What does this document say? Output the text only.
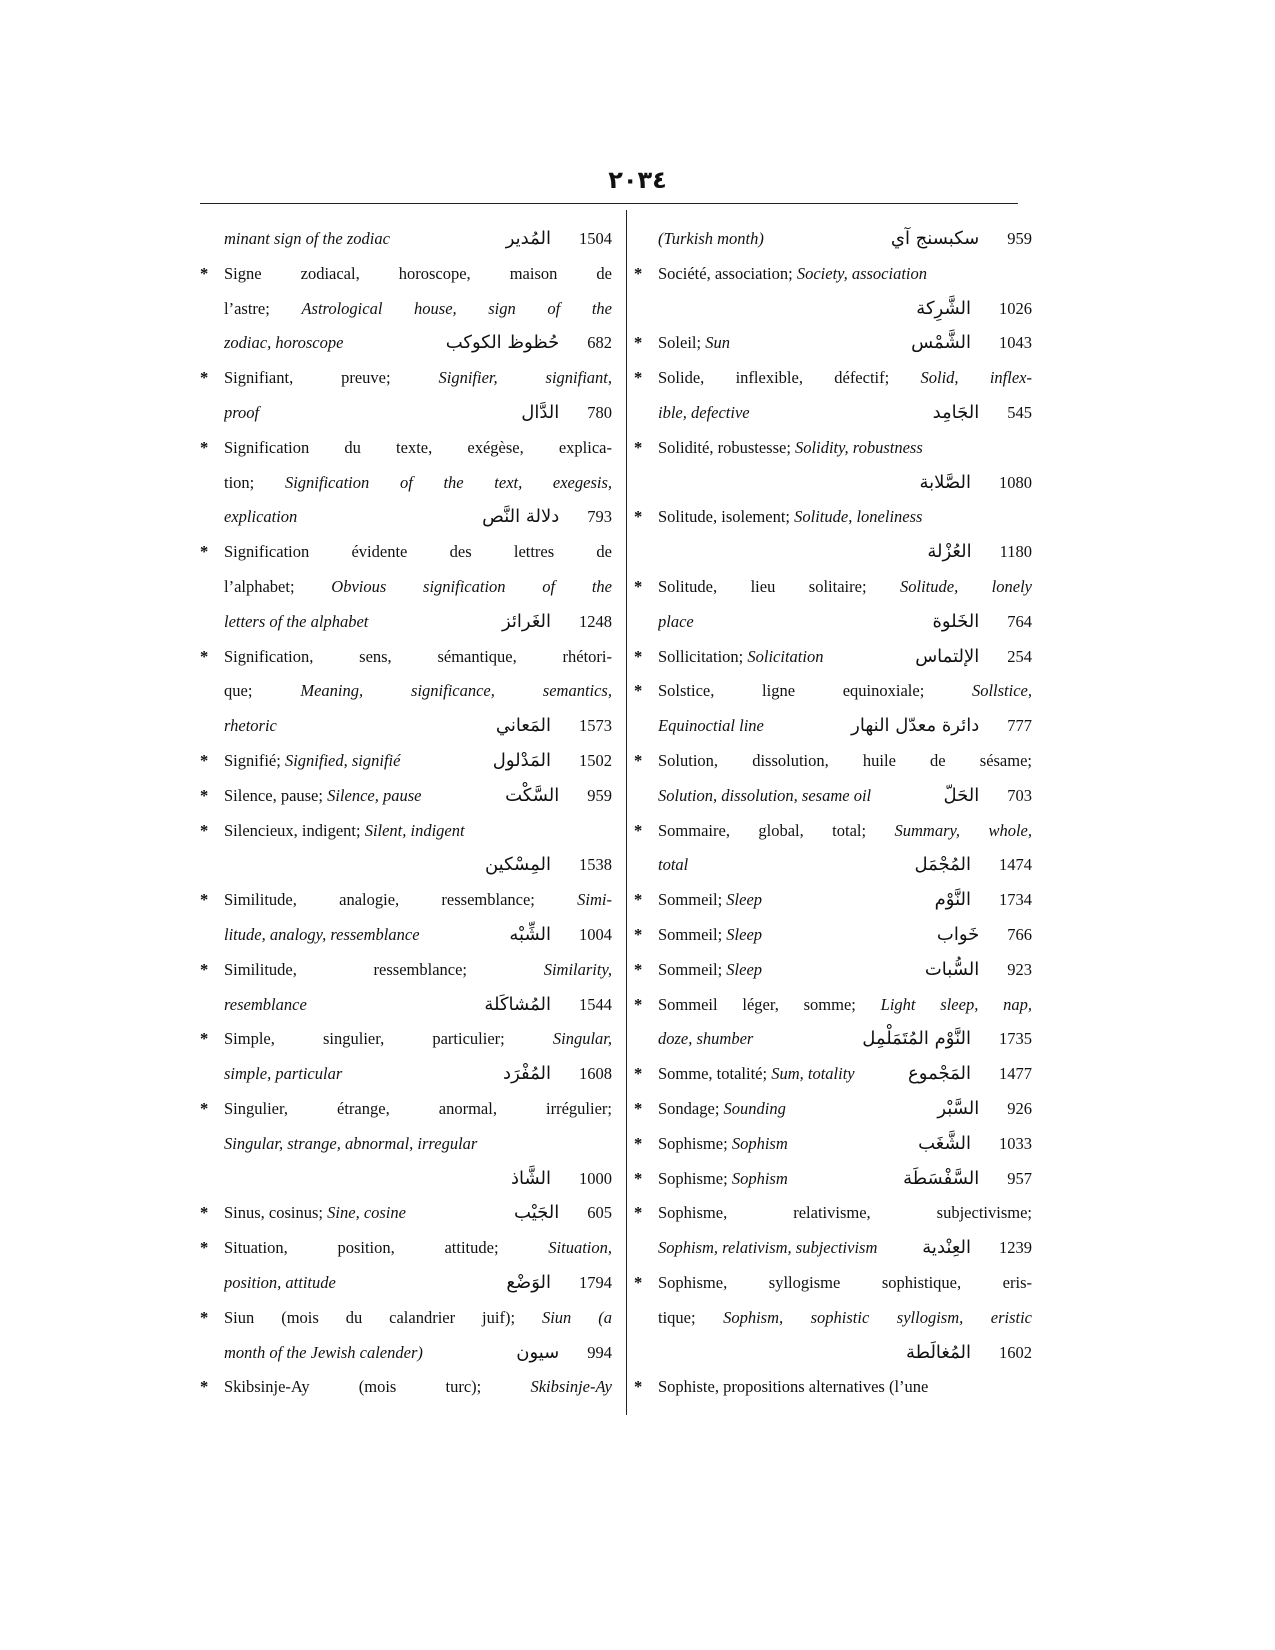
٢٠٣٤
minant sign of the zodiac	المُدير 1504
* Signe zodiacal, horoscope, maison de
l’astre; Astrological house, sign of the
zodiac, horoscope	حُظوظ الكوكب 682
* Signifiant, preuve; Signifier, signifiant,
proof	الدَّال 780
* Signification du texte, exégèse, explica-
tion; Signification of the text, exegesis,
explication	دلالة النَّص 793
* Signification évidente des lettres de
l’alphabet; Obvious signification of the
letters of the alphabet	الغَرائز 1248
* Signification, sens, sémantique, rhétori-
que; Meaning, significance, semantics,
rhetoric	المَعاني 1573
* Signifié; Signified, signifié	المَدْلول 1502
* Silence, pause; Silence, pause	السَّكْت 959
* Silencieux, indigent; Silent, indigent
المِسْكين 1538
* Similitude, analogie, ressemblance; Simi-
litude, analogy, ressemblance	الشِّبْه 1004
* Similitude, ressemblance; Similarity,
resemblance	المُشاكَلة 1544
* Simple, singulier, particulier; Singular,
simple, particular	المُفْرَد 1608
* Singulier, étrange, anormal, irrégulier;
Singular, strange, abnormal, irregular
الشَّاذ 1000
* Sinus, cosinus; Sine, cosine	الجَيْب 605
* Situation, position, attitude; Situation,
position, attitude	الوَضْع 1794
* Siun (mois du calandrier juif); Siun (a
month of the Jewish calender)	سيون 994
* Skibsinje-Ay (mois turc); Skibsinje-Ay
(Turkish month)	سكبسنج آي 959
* Société, association; Society, association
الشَّرِكة 1026
* Soleil; Sun	الشَّمْس 1043
* Solide, inflexible, défectif; Solid, inflex-
ible, defective	الجَامِد 545
* Solidité, robustesse; Solidity, robustness
الصَّلابة 1080
* Solitude, isolement; Solitude, loneliness
العُزْلة 1180
* Solitude, lieu solitaire; Solitude, lonely
place	الخَلوة 764
* Sollicitation; Solicitation	الإلتماس 254
* Solstice, ligne equinoxiale; Sollstice,
Equinoctial line	دائرة معدّل النهار 777
* Solution, dissolution, huile de sésame;
Solution, dissolution, sesame oil	الحَلّ 703
* Sommaire, global, total; Summary, whole,
total	المُجْمَل 1474
* Sommeil; Sleep	النَّوْم 1734
* Sommeil; Sleep	خَواب 766
* Sommeil; Sleep	السُّبات 923
* Sommeil léger, somme; Light sleep, nap,
doze, shumber	النَّوْم المُتَمَلْمِل 1735
* Somme, totalité; Sum, totality	المَجْموع 1477
* Sondage; Sounding	السَّبْر 926
* Sophisme; Sophism	الشَّغَب 1033
* Sophisme; Sophism	السَّفْسَطَة 957
* Sophisme, relativisme, subjectivisme;
Sophism, relativism, subjectivism	العِنْدية 1239
* Sophisme, syllogisme sophistique, eris-
tique; Sophism, sophistic syllogism, eristic
المُغالَطة 1602
* Sophiste, propositions alternatives (l’une
